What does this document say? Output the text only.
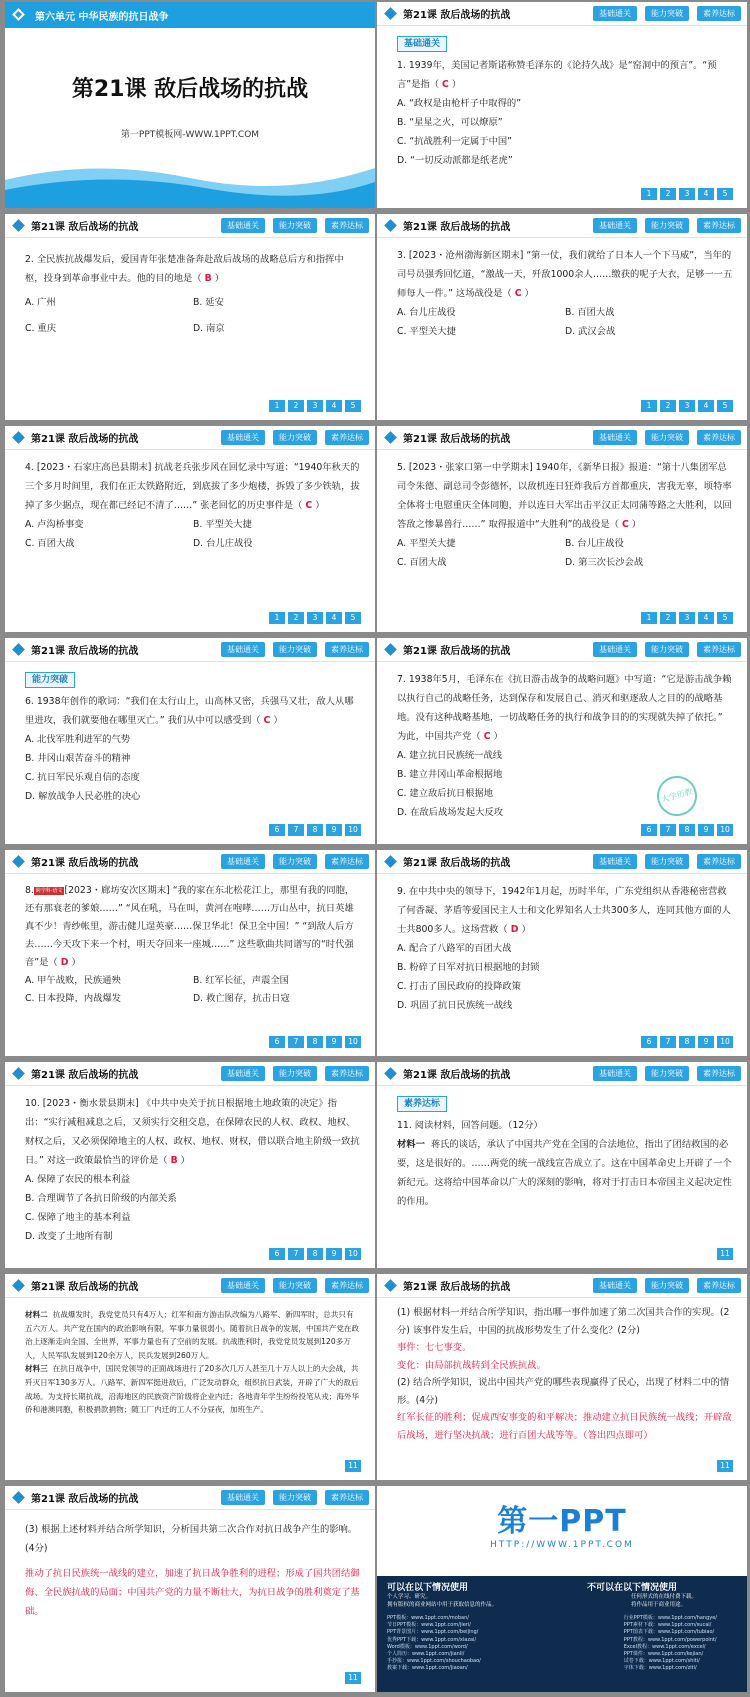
第六单元 中华民族的抗日战争
第21课 敌后战场的抗战
第一PPT模板网-WWW.1PPT.COM
第21课 敌后战场的抗战	基础通关	能力突破	素养达标
基础通关

1. 1939年，美国记者斯诺称赞毛泽东的《论持久战》是“窑洞中的预言”。“预言”是指（ C ）

A. “政权是由枪杆子中取得的”

B. “星星之火，可以燎原”

C. “抗战胜利一定属于中国”

D. “一切反动派都是纸老虎”

1	2	3	4	5
第21课 敌后战场的抗战	基础通关	能力突破	素养达标

2. 全民族抗战爆发后，爱国青年张楚准备奔赴敌后战场的战略总后方和指挥中枢，投身到革命事业中去。他的目的地是（ B ）

A. 广州	B. 延安

C. 重庆	D. 南京

1	2	3	4	5
第21课 敌后战场的抗战	基础通关	能力突破	素养达标

3. [2023・沧州渤海新区期末] “第一仗，我们就给了日本人一个下马威”，当年的司号员强秀回忆道，“激战一天，歼敌1000余人……缴获的呢子大衣，足够一一五师每人一件。” 这场战役是（ C ）

A. 台儿庄战役	B. 百团大战

C. 平型关大捷	D. 武汉会战

1	2	3	4	5
第21课 敌后战场的抗战	基础通关	能力突破	素养达标

4. [2023・石家庄高邑县期末] 抗战老兵张步风在回忆录中写道：“1940年秋天的三个多月时间里，我们在正太铁路附近，到底拔了多少炮楼，拆毁了多少铁轨，拔掉了多少据点，现在都已经记不清了……” 张老回忆的历史事件是（ C ）

A. 卢沟桥事变	B. 平型关大捷

C. 百团大战	D. 台儿庄战役

1	2	3	4	5
第21课 敌后战场的抗战	基础通关	能力突破	素养达标

5. [2023・张家口第一中学期末] 1940年，《新华日报》报道：“第十八集团军总司令朱德、副总司令彭德怀，以敌机连日狂炸我后方首都重庆，害我无辜，顷特率全体将士电慰重庆全体同胞，并以连日大军出击平汉正太同蒲等路之大胜利，以回答敌之惨暴兽行……” 取得报道中“大胜利”的战役是（ C ）

A. 平型关大捷	B. 台儿庄战役

C. 百团大战	D. 第三次长沙会战

1	2	3	4	5
第21课 敌后战场的抗战	基础通关	能力突破	素养达标
能力突破

6. 1938年创作的歌词：“我们在太行山上，山高林又密，兵强马又壮，敌人从哪里进攻，我们就要他在哪里灭亡。” 我们从中可以感受到（ C ）

A. 北伐军胜利进军的气势

B. 井冈山艰苦奋斗的精神

C. 抗日军民乐观自信的态度

D. 解放战争人民必胜的决心

6	7	8	9	10
第21课 敌后战场的抗战	基础通关	能力突破	素养达标

7. 1938年5月，毛泽东在《抗日游击战争的战略问题》中写道：“它是游击战争赖以执行自己的战略任务，达到保存和发展自己、消灭和驱逐敌人之目的的战略基地。没有这种战略基地，一切战略任务的执行和战争目的的实现就失掉了依托。” 为此，中国共产党（ C ）

A. 建立抗日民族统一战线

B. 建立井冈山革命根据地

C. 建立敌后抗日根据地

D. 在敌后战场发起大反攻

大学历教
6	7	8	9	10
第21课 敌后战场的抗战	基础通关	能力突破	素养达标

8. 跨学科·语文 [2023・廊坊安次区期末] “我的家在东北松花江上，那里有我的同胞，还有那衰老的爹娘……” “风在吼，马在叫，黄河在咆哮……万山丛中，抗日英雄真不少！青纱帐里，游击健儿逞英豪……保卫华北！保卫全中国！” “到敌人后方去……今天攻下来一个村，明天夺回来一座城……” 这些歌曲共同谱写的“时代强音”是（ D ）

A. 甲午战败，民族通殃	B. 红军长征，声震全国

C. 日本投降，内战爆发	D. 救亡图存，抗击日寇

6	7	8	9	10
第21课 敌后战场的抗战	基础通关	能力突破	素养达标

9. 在中共中央的领导下，1942年1月起，历时半年，广东党组织从香港秘密营救了何香凝、茅盾等爱国民主人士和文化界知名人士共300多人，连同其他方面的人士共800多人。这场营救（ D ）

A. 配合了八路军的百团大战

B. 粉碎了日军对抗日根据地的封锁

C. 打击了国民政府的投降政策

D. 巩固了抗日民族统一战线

6	7	8	9	10
第21课 敌后战场的抗战	基础通关	能力突破	素养达标

10. [2023・衡水景县期末] 《中共中央关于抗日根据地土地政策的决定》指出：“实行减租减息之后，又须实行交租交息，在保障农民的人权、政权、地权、财权之后，又必须保障地主的人权、政权、地权、财权，借以联合地主阶级一致抗日。” 对这一政策最恰当的评价是（ B ）

A. 保障了农民的根本利益

B. 合理调节了各抗日阶级的内部关系

C. 保障了地主的基本利益

D. 改变了土地所有制

6	7	8	9	10
第21课 敌后战场的抗战	基础通关	能力突破	素养达标
素养达标

11. 阅读材料，回答问题。（12分）

材料一 蒋氏的谈话，承认了中国共产党在全国的合法地位，指出了团结救国的必要，这是很好的。……两党的统一战线宣告成立了。这在中国革命史上开辟了一个新纪元。这将给中国革命以广大的深刻的影响，将对于打击日本帝国主义起决定性的作用。

11
第21课 敌后战场的抗战	基础通关	能力突破	素养达标

材料二 抗战爆发时，我党党员只有4万人；红军和南方游击队改编为八路军、新四军时，总共只有五六万人。共产党在国内的政治影响有限，军事力量很弱小。随着抗日战争的发展，中国共产党在政治上逐渐走向全国、全世界，军事力量也有了空前的发展。抗战胜利时，我党党员发展到120多万人，人民军队发展到120余万人，民兵发展到260万人。

材料三 在抗日战争中，国民党领导的正面战场进行了20多次几万人甚至几十万人以上的大会战，共歼灭日军130多万人。八路军、新四军挺进敌后，广泛发动群众，组织抗日武装，开辟了广大的敌后战场。为支持长期抗战，沿海地区的民族资产阶级将企业内迁；各地青年学生纷纷投笔从戎；海外华侨和港澳同胞，积极捐款捐物；随工厂内迁的工人不分昼夜，加班生产。

11
第21课 敌后战场的抗战	基础通关	能力突破	素养达标

(1) 根据材料一并结合所学知识，指出哪一事件加速了第二次国共合作的实现。(2分) 该事件发生后，中国的抗战形势发生了什么变化？(2分)

事件：七七事变。

变化：由局部抗战转到全民族抗战。

(2) 结合所学知识，说出中国共产党的哪些表现赢得了民心，出现了材料二中的情形。(4分)

红军长征的胜利；促成西安事变的和平解决；推动建立抗日民族统一战线；开辟敌后战场，进行坚决抗战；进行百团大战等等。（答出四点即可）

11
第21课 敌后战场的抗战	基础通关	能力突破	素养达标

(3) 根据上述材料并结合所学知识，分析国共第二次合作对抗日战争产生的影响。(4分)

推动了抗日民族统一战线的建立，加速了抗日战争胜利的进程；形成了国共团结御侮、全民族抗战的局面；中国共产党的力量不断壮大，为抗日战争的胜利奠定了基础。

11
第一PPT
HTTP://WWW.1PPT.COM
可以在以下情况使用	不可以在以下情况使用
个人学习、研究。
拥有版权的商业网站中用于获取信息的作品。
任何形式的在线付费下载。
将作品用于商业用途。
PPT模板：www.1ppt.com/moban/
节日PPT模板：www.1ppt.com/jieri/
PPT背景图片：www.1ppt.com/beijing/
优秀PPT下载：www.1ppt.com/xiazai/
Word模板：www.1ppt.com/word/
个人简历：www.1ppt.com/jianli/
手抄报：www.1ppt.com/shouchaobao/
教案下载：www.1ppt.com/jiaoan/
行业PPT模板：www.1ppt.com/hangye/
PPT素材下载：www.1ppt.com/sucai/
PPT图表下载：www.1ppt.com/tubiao/
PPT教程：www.1ppt.com/powerpoint/
Excel教程：www.1ppt.com/excel/
PPT课件：www.1ppt.com/kejian/
试卷下载：www.1ppt.com/shiti/
字体下载：www.1ppt.com/ziti/
